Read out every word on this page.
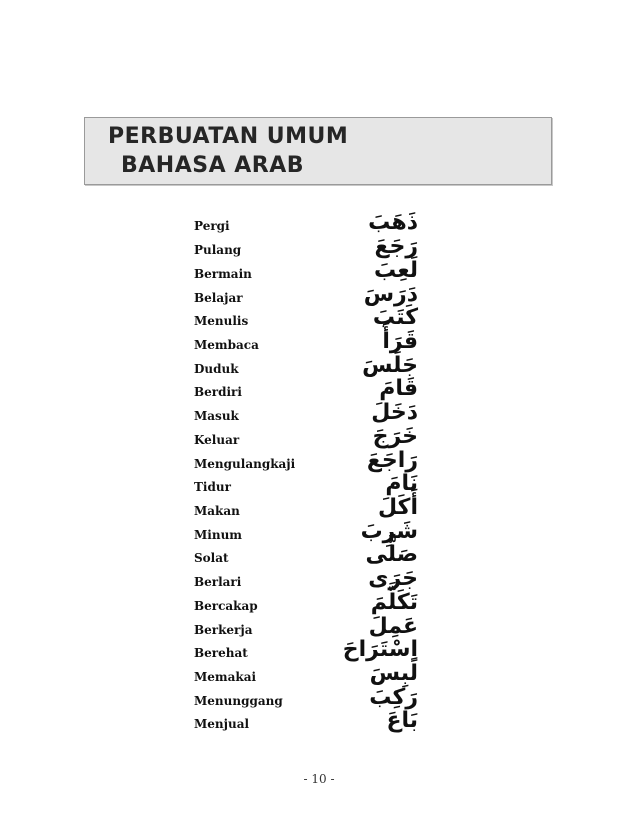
PERBUATAN UMUM
BAHASA ARAB
Pergi	ذَهَبَ
Pulang	رَجَعَ
Bermain	لَعِبَ
Belajar	دَرَسَ
Menulis	كَتَبَ
Membaca	قَرَأَ
Duduk	جَلَسَ
Berdiri	قَامَ
Masuk	دَخَلَ
Keluar	خَرَجَ
Mengulangkaji	رَاجَعَ
Tidur	نَامَ
Makan	أَكَلَ
Minum	شَرِبَ
Solat	صَلَّى
Berlari	جَرَى
Bercakap	تَكَلَّمَ
Berkerja	عَمِلَ
Berehat	اِسْتَرَاحَ
Memakai	لَبِسَ
Menunggang	رَكِبَ
Menjual	بَاعَ
- 10 -
